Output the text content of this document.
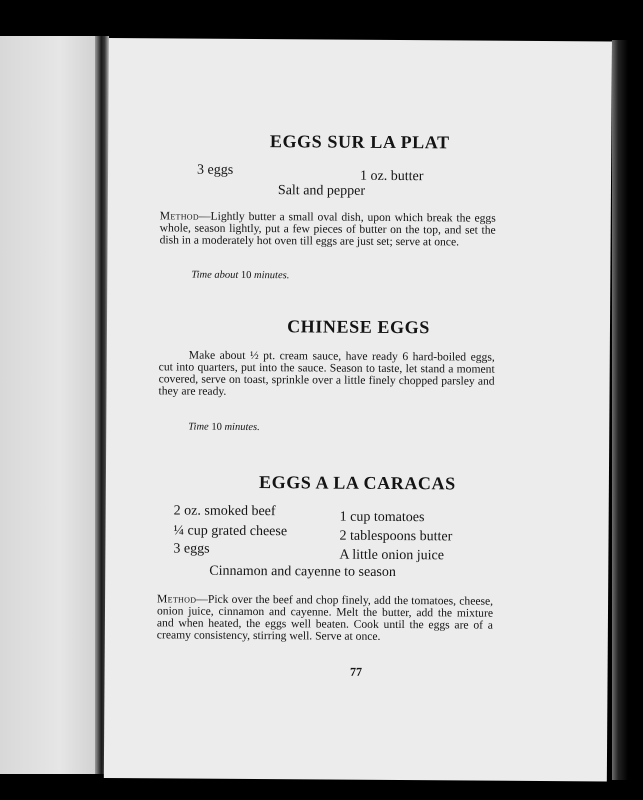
EGGS SUR LA PLAT
3 eggs	1 oz. butter
Salt and pepper

Method—Lightly butter a small oval dish, upon which break the eggs whole, season lightly, put a few pieces of butter on the top, and set the dish in a moderately hot oven till eggs are just set; serve at once.

Time about 10 minutes.

CHINESE EGGS

Make about ½ pt. cream sauce, have ready 6 hard-boiled eggs, cut into quarters, put into the sauce. Season to taste, let stand a moment covered, serve on toast, sprinkle over a little finely chopped parsley and they are ready.

Time 10 minutes.

EGGS A LA CARACAS
2 oz. smoked beef	1 cup tomatoes
¼ cup grated cheese	2 tablespoons butter
3 eggs	A little onion juice
Cinnamon and cayenne to season

Method—Pick over the beef and chop finely, add the tomatoes, cheese, onion juice, cinnamon and cayenne. Melt the butter, add the mixture and when heated, the eggs well beaten. Cook until the eggs are of a creamy consistency, stirring well. Serve at once.

77
